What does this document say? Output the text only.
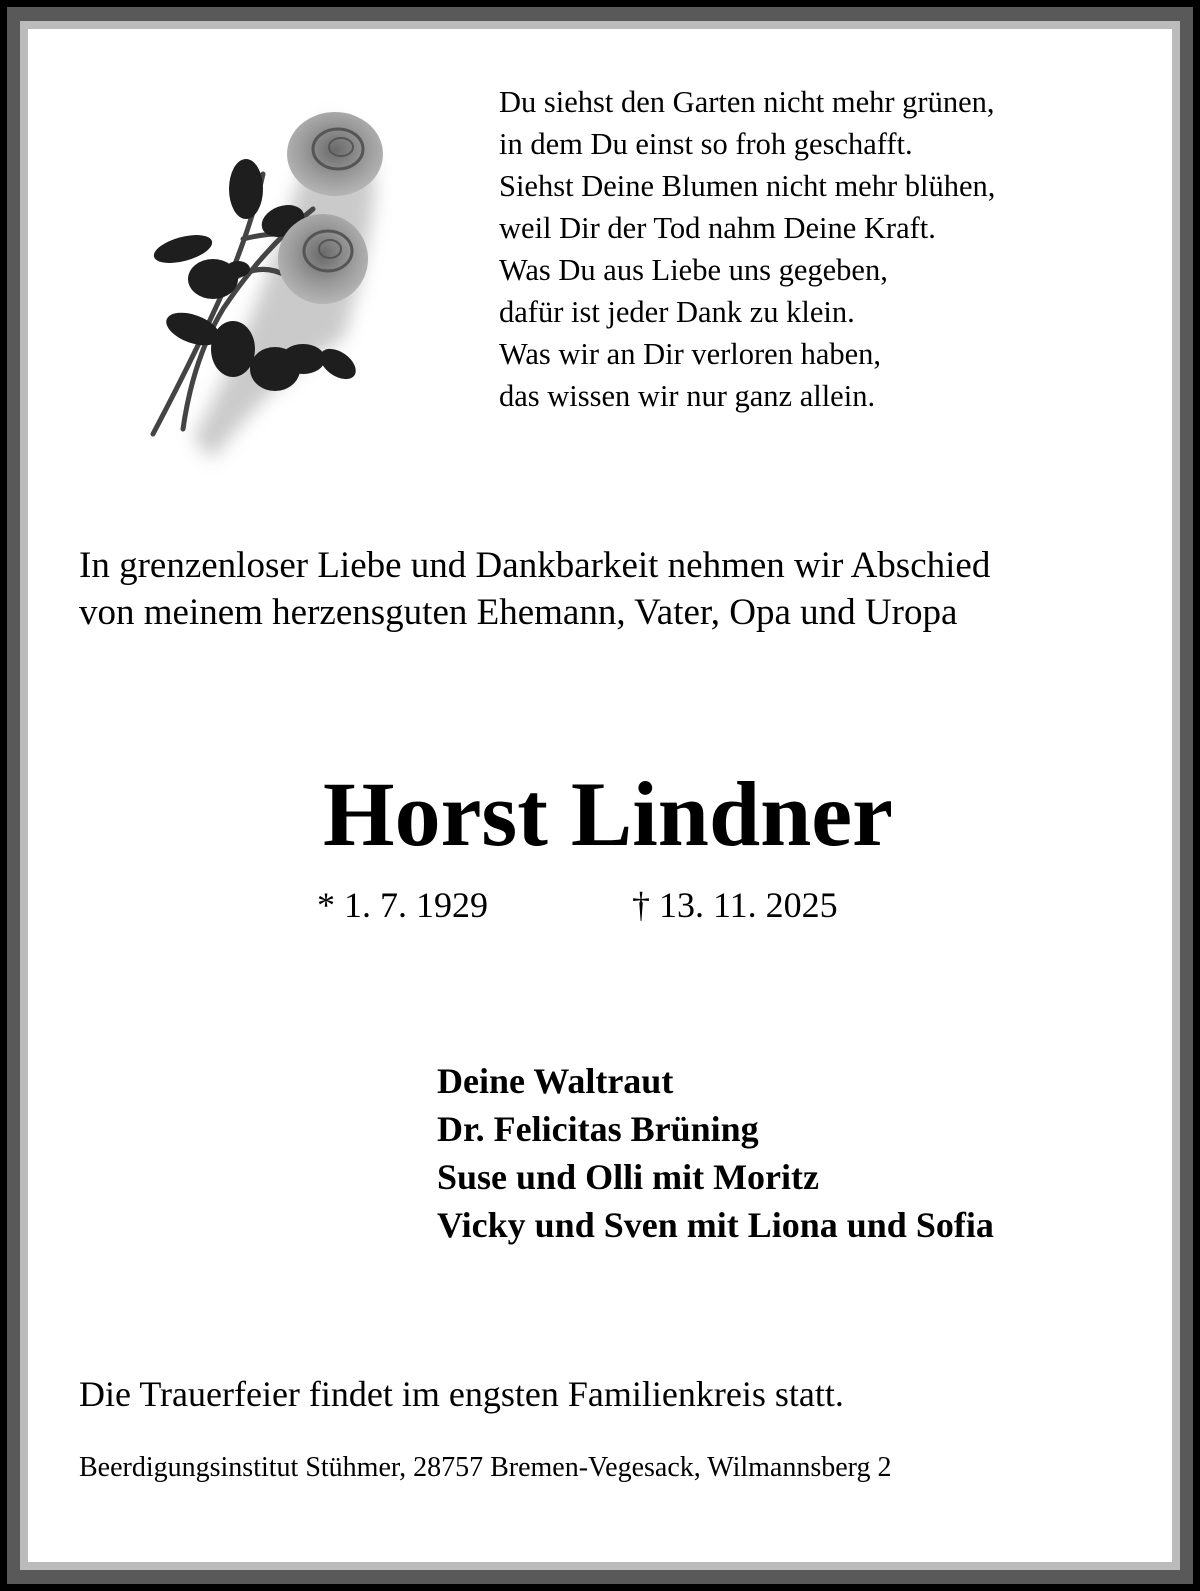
Du siehst den Garten nicht mehr grünen,
in dem Du einst so froh geschafft.
Siehst Deine Blumen nicht mehr blühen,
weil Dir der Tod nahm Deine Kraft.
Was Du aus Liebe uns gegeben,
dafür ist jeder Dank zu klein.
Was wir an Dir verloren haben,
das wissen wir nur ganz allein.
In grenzenloser Liebe und Dankbarkeit nehmen wir Abschied
von meinem herzensguten Ehemann, Vater, Opa und Uropa
Horst Lindner
* 1. 7. 1929	† 13. 11. 2025
Deine Waltraut
Dr. Felicitas Brüning
Suse und Olli mit Moritz
Vicky und Sven mit Liona und Sofia
Die Trauerfeier findet im engsten Familienkreis statt.
Beerdigungsinstitut Stühmer, 28757 Bremen-Vegesack, Wilmannsberg 2
